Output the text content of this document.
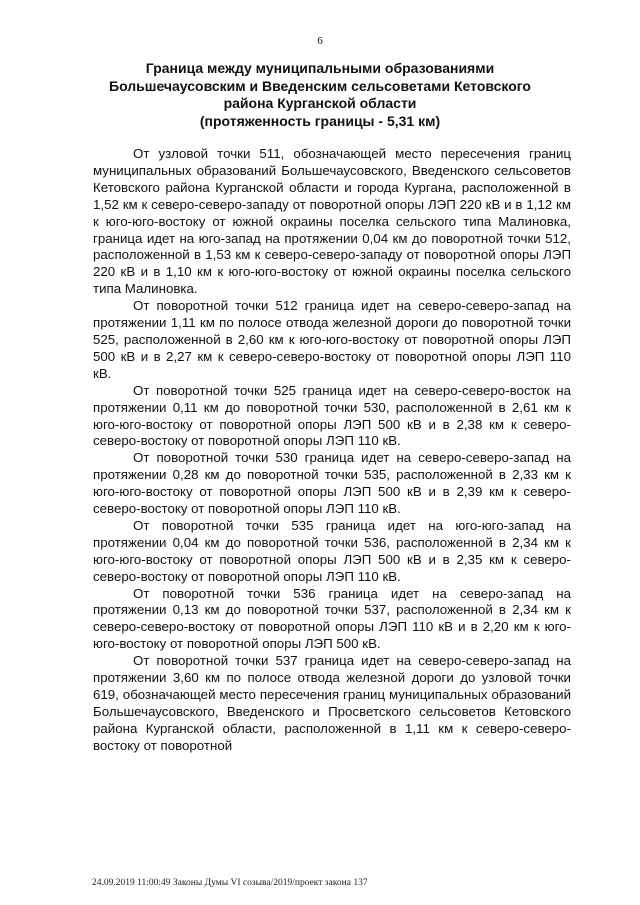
6
Граница между муниципальными образованиями
Большечаусовским и Введенским сельсоветами Кетовского
района Курганской области
(протяженность границы - 5,31 км)

От узловой точки 511, обозначающей место пересечения границ муниципальных образований Большечаусовского, Введенского сельсоветов Кетовского района Курганской области и города Кургана, расположенной в 1,52 км к северо-северо-западу от поворотной опоры ЛЭП 220 кВ и в 1,12 км к юго-юго-востоку от южной окраины поселка сельского типа Малиновка, граница идет на юго-запад на протяжении 0,04 км до поворотной точки 512, расположенной в 1,53 км к северо-северо-западу от поворотной опоры ЛЭП 220 кВ и в 1,10 км к юго-юго-востоку от южной окраины поселка сельского типа Малиновка.

От поворотной точки 512 граница идет на северо-северо-запад на протяжении 1,11 км по полосе отвода железной дороги до поворотной точки 525, расположенной в 2,60 км к юго-юго-востоку от поворотной опоры ЛЭП 500 кВ и в 2,27 км к северо-северо-востоку от поворотной опоры ЛЭП 110 кВ.

От поворотной точки 525 граница идет на северо-северо-восток на протяжении 0,11 км до поворотной точки 530, расположенной в 2,61 км к юго-юго-востоку от поворотной опоры ЛЭП 500 кВ и в 2,38 км к северо-северо-востоку от поворотной опоры ЛЭП 110 кВ.

От поворотной точки 530 граница идет на северо-северо-запад на протяжении 0,28 км до поворотной точки 535, расположенной в 2,33 км к юго-юго-востоку от поворотной опоры ЛЭП 500 кВ и в 2,39 км к северо-северо-востоку от поворотной опоры ЛЭП 110 кВ.

От поворотной точки 535 граница идет на юго-юго-запад на протяжении 0,04 км до поворотной точки 536, расположенной в 2,34 км к юго-юго-востоку от поворотной опоры ЛЭП 500 кВ и в 2,35 км к северо-северо-востоку от поворотной опоры ЛЭП 110 кВ.

От поворотной точки 536 граница идет на северо-запад на протяжении 0,13 км до поворотной точки 537, расположенной в 2,34 км к северо-северо-востоку от поворотной опоры ЛЭП 110 кВ и в 2,20 км к юго-юго-востоку от поворотной опоры ЛЭП 500 кВ.

От поворотной точки 537 граница идет на северо-северо-запад на протяжении 3,60 км по полосе отвода железной дороги до узловой точки 619, обозначающей место пересечения границ муниципальных образований Большечаусовского, Введенского и Просветского сельсоветов Кетовского района Курганской области, расположенной в 1,11 км к северо-северо-востоку от поворотной

24.09.2019 11:00:49 Законы Думы VI созыва/2019/проект закона 137
